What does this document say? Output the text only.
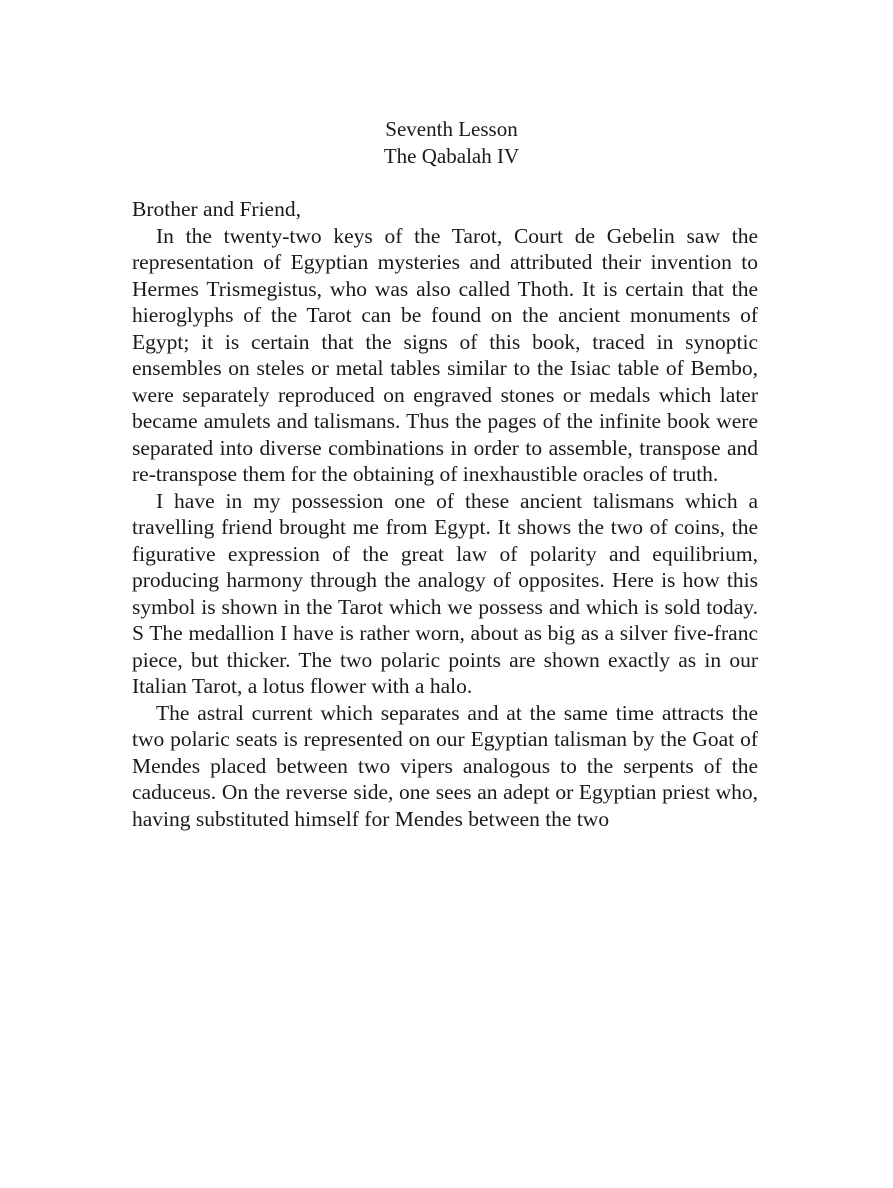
Seventh Lesson
The Qabalah IV

Brother and Friend,

In the twenty-two keys of the Tarot, Court de Gebelin saw the representation of Egyptian mysteries and attributed their invention to Hermes Trismegistus, who was also called Thoth. It is certain that the hieroglyphs of the Tarot can be found on the ancient monuments of Egypt; it is certain that the signs of this book, traced in synoptic ensembles on steles or metal tables similar to the Isiac table of Bembo, were separately reproduced on engraved stones or medals which later became amulets and talismans. Thus the pages of the infinite book were separated into diverse combinations in order to assemble, transpose and re-transpose them for the obtaining of inexhaustible oracles of truth.

I have in my possession one of these ancient talismans which a travelling friend brought me from Egypt. It shows the two of coins, the figurative expression of the great law of polarity and equilibrium, producing harmony through the analogy of opposites. Here is how this symbol is shown in the Tarot which we possess and which is sold today. S The medallion I have is rather worn, about as big as a silver five-franc piece, but thicker. The two polaric points are shown exactly as in our Italian Tarot, a lotus flower with a halo.

The astral current which separates and at the same time attracts the two polaric seats is represented on our Egyptian talisman by the Goat of Mendes placed between two vipers analogous to the serpents of the caduceus. On the reverse side, one sees an adept or Egyptian priest who, having substituted himself for Mendes between the two
